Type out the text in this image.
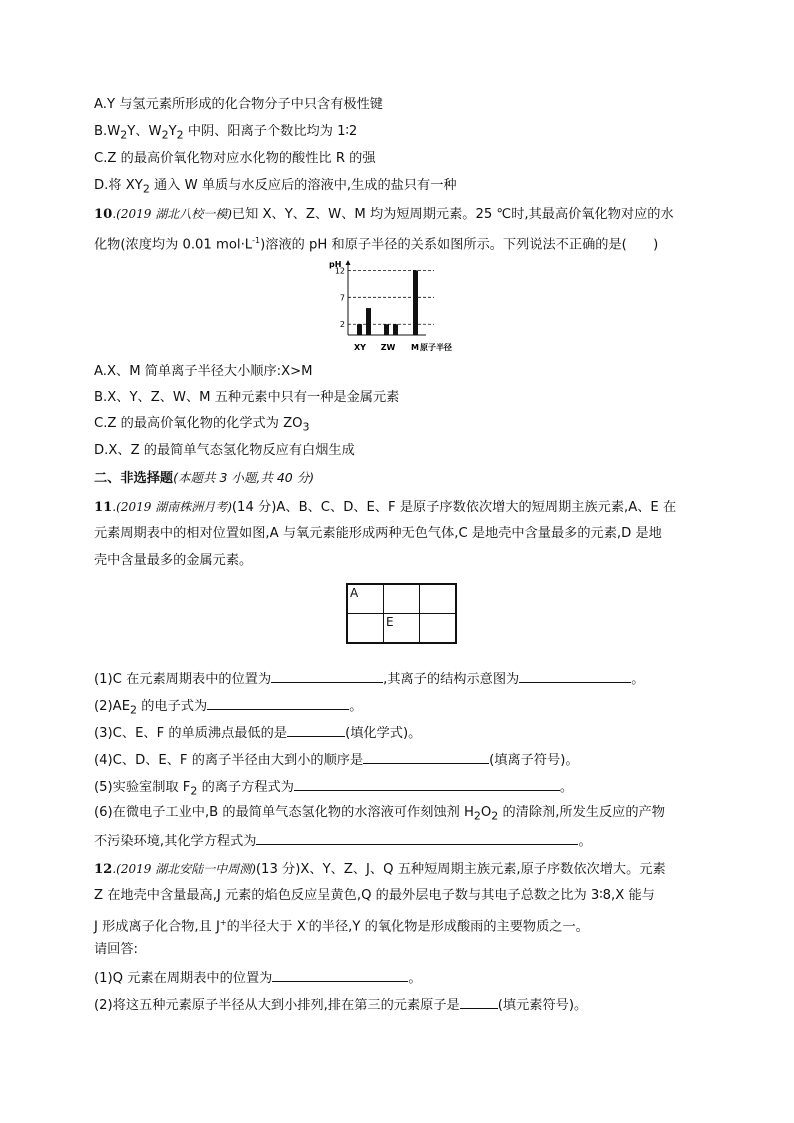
A.Y 与氢元素所形成的化合物分子中只含有极性键
$B.W_2Y$、$W_2Y_2$ 中阴、阳离子个数比均为 1∶2
C.Z 的最高价氧化物对应水化物的酸性比 R 的强
D.将 $XY_2$ 通入 W 单质与水反应后的溶液中,生成的盐只有一种
10.(2019 湖北八校一模)已知 X、Y、Z、W、M 均为短周期元素。25 ℃时,其最高价氧化物对应的水
化物(浓度均为 0.01 $mol\cdot L^{-1}$)溶液的 pH 和原子半径的关系如图所示。下列说法不正确的是(　　)
pH
2
7
12
XY ZW M 原子半径
A.X、M 简单离子半径大小顺序:X>M
B.X、Y、Z、W、M 五种元素中只有一种是金属元素
C.Z 的最高价氧化物的化学式为 $ZO_3$
D.X、Z 的最简单气态氢化物反应有白烟生成
二、非选择题(本题共 3 小题,共 40 分)
11.(2019 湖南株洲月考)(14 分)A、B、C、D、E、F 是原子序数依次增大的短周期主族元素,A、E 在
元素周期表中的相对位置如图,A 与氧元素能形成两种无色气体,C 是地壳中含量最多的元素,D 是地
壳中含量最多的金属元素。
A		
	E	
(1)C 在元素周期表中的位置为	,其离子的结构示意图为	。
$(2)AE_2$ 的电子式为	。
(3)C、E、F 的单质沸点最低的是	(填化学式)。
(4)C、D、E、F 的离子半径由大到小的顺序是	(填离子符号)。
(5)实验室制取 $F_2$ 的离子方程式为	。
(6)在微电子工业中,B 的最简单气态氢化物的水溶液可作刻蚀剂 $H_2O_2$ 的清除剂,所发生反应的产物
不污染环境,其化学方程式为	。
12.(2019 湖北安陆一中周测)(13 分)X、Y、Z、J、Q 五种短周期主族元素,原子序数依次增大。元素
Z 在地壳中含量最高,J 元素的焰色反应呈黄色,Q 的最外层电子数与其电子总数之比为 3∶8,X 能与
J 形成离子化合物,且 J+的半径大于 X-的半径,Y 的氧化物是形成酸雨的主要物质之一。
请回答:
(1)Q 元素在周期表中的位置为	。
(2)将这五种元素原子半径从大到小排列,排在第三的元素原子是	(填元素符号)。
